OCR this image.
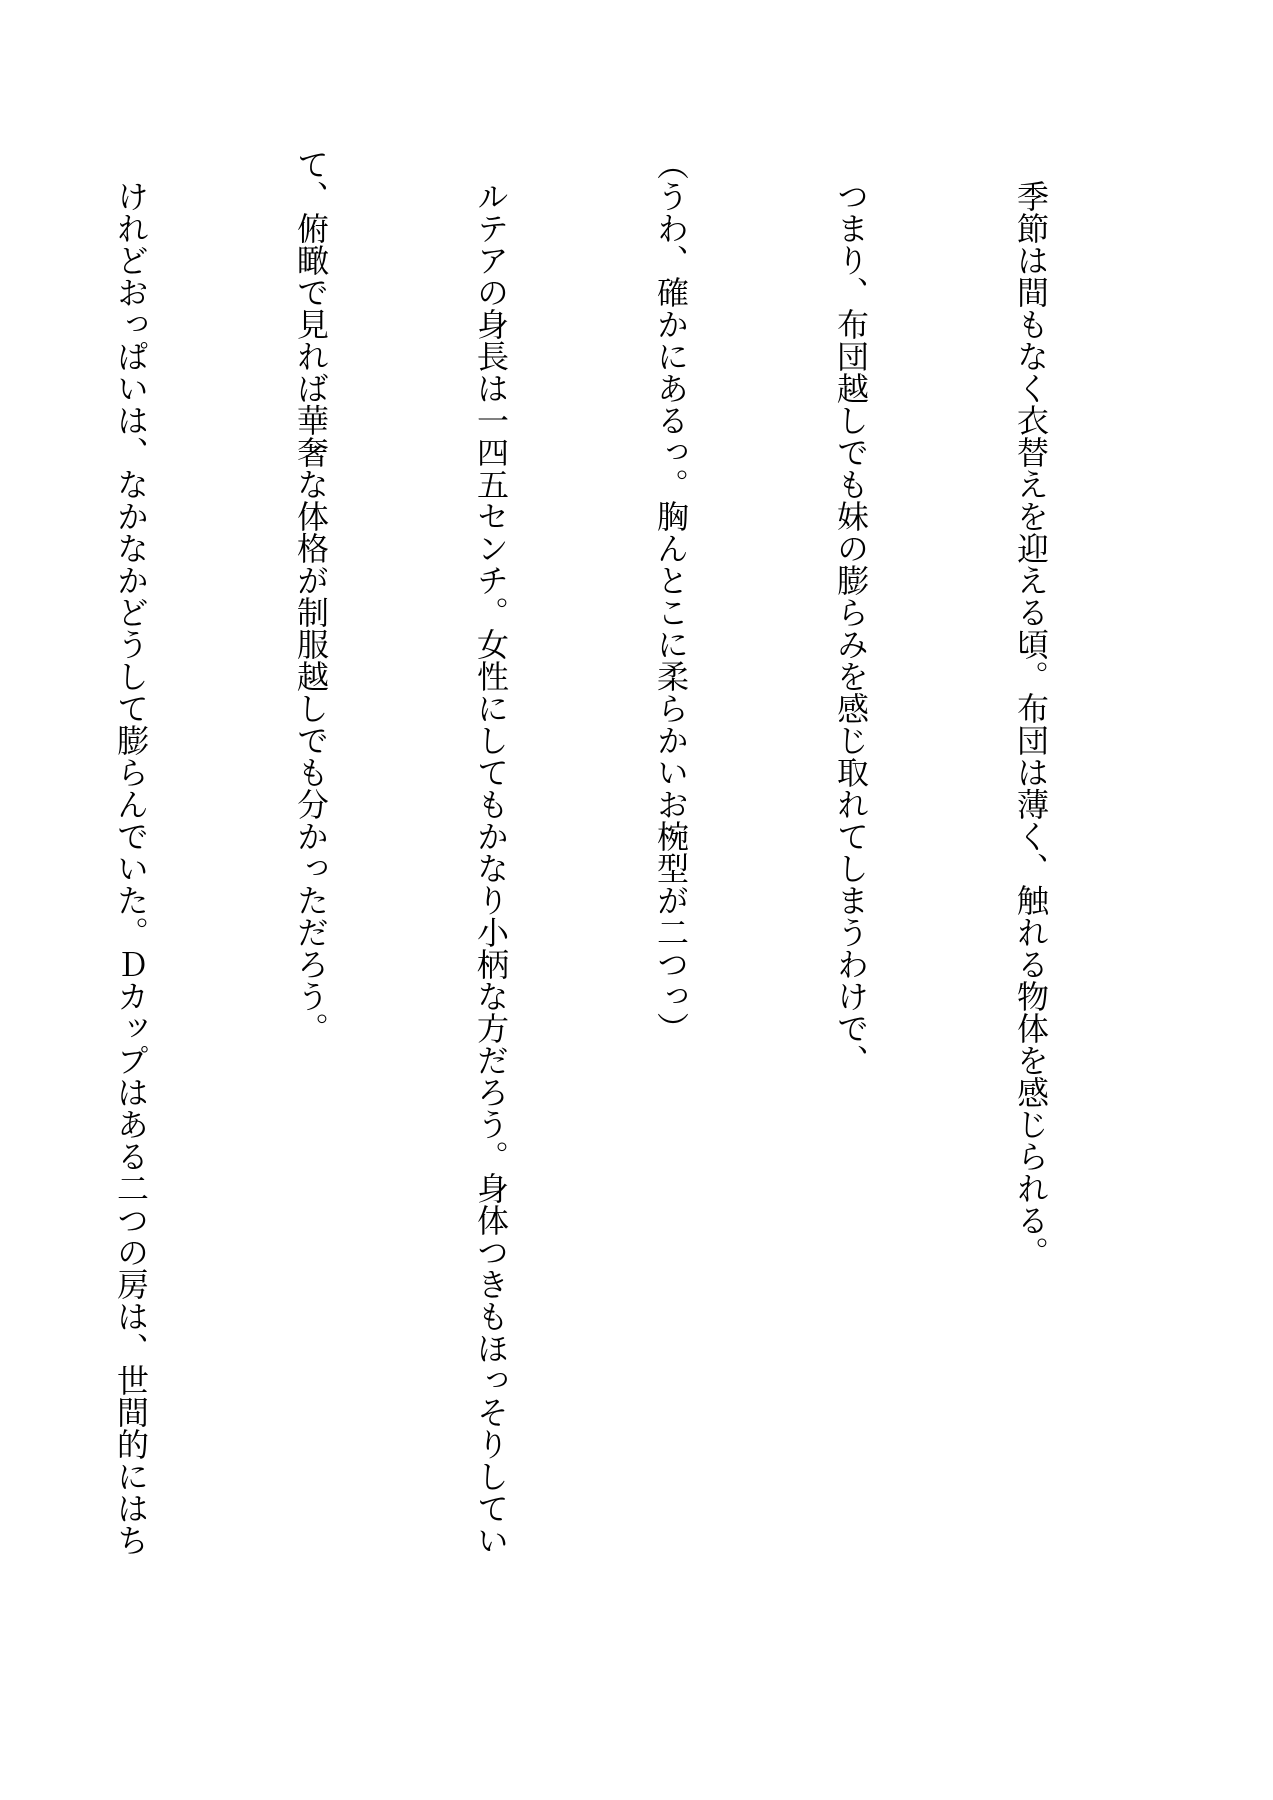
　季節は間もなく衣替えを迎える頃。布団は薄く、触れる物体を感じられる。

　つまり、布団越しでも妹の膨らみを感じ取れてしまうわけで、

（うわ、確かにあるっ。胸んとこに柔らかいお椀型が二つっ）

　ルテアの身長は一四五センチ。女性にしてもかなり小柄な方だろう。身体つきもほっそりしてい

て、俯瞰で見れば華奢な体格が制服越しでも分かっただろう。

　けれどおっぱいは、なかなかどうして膨らんでいた。Ｄカップはある二つの房は、世間的にはち
